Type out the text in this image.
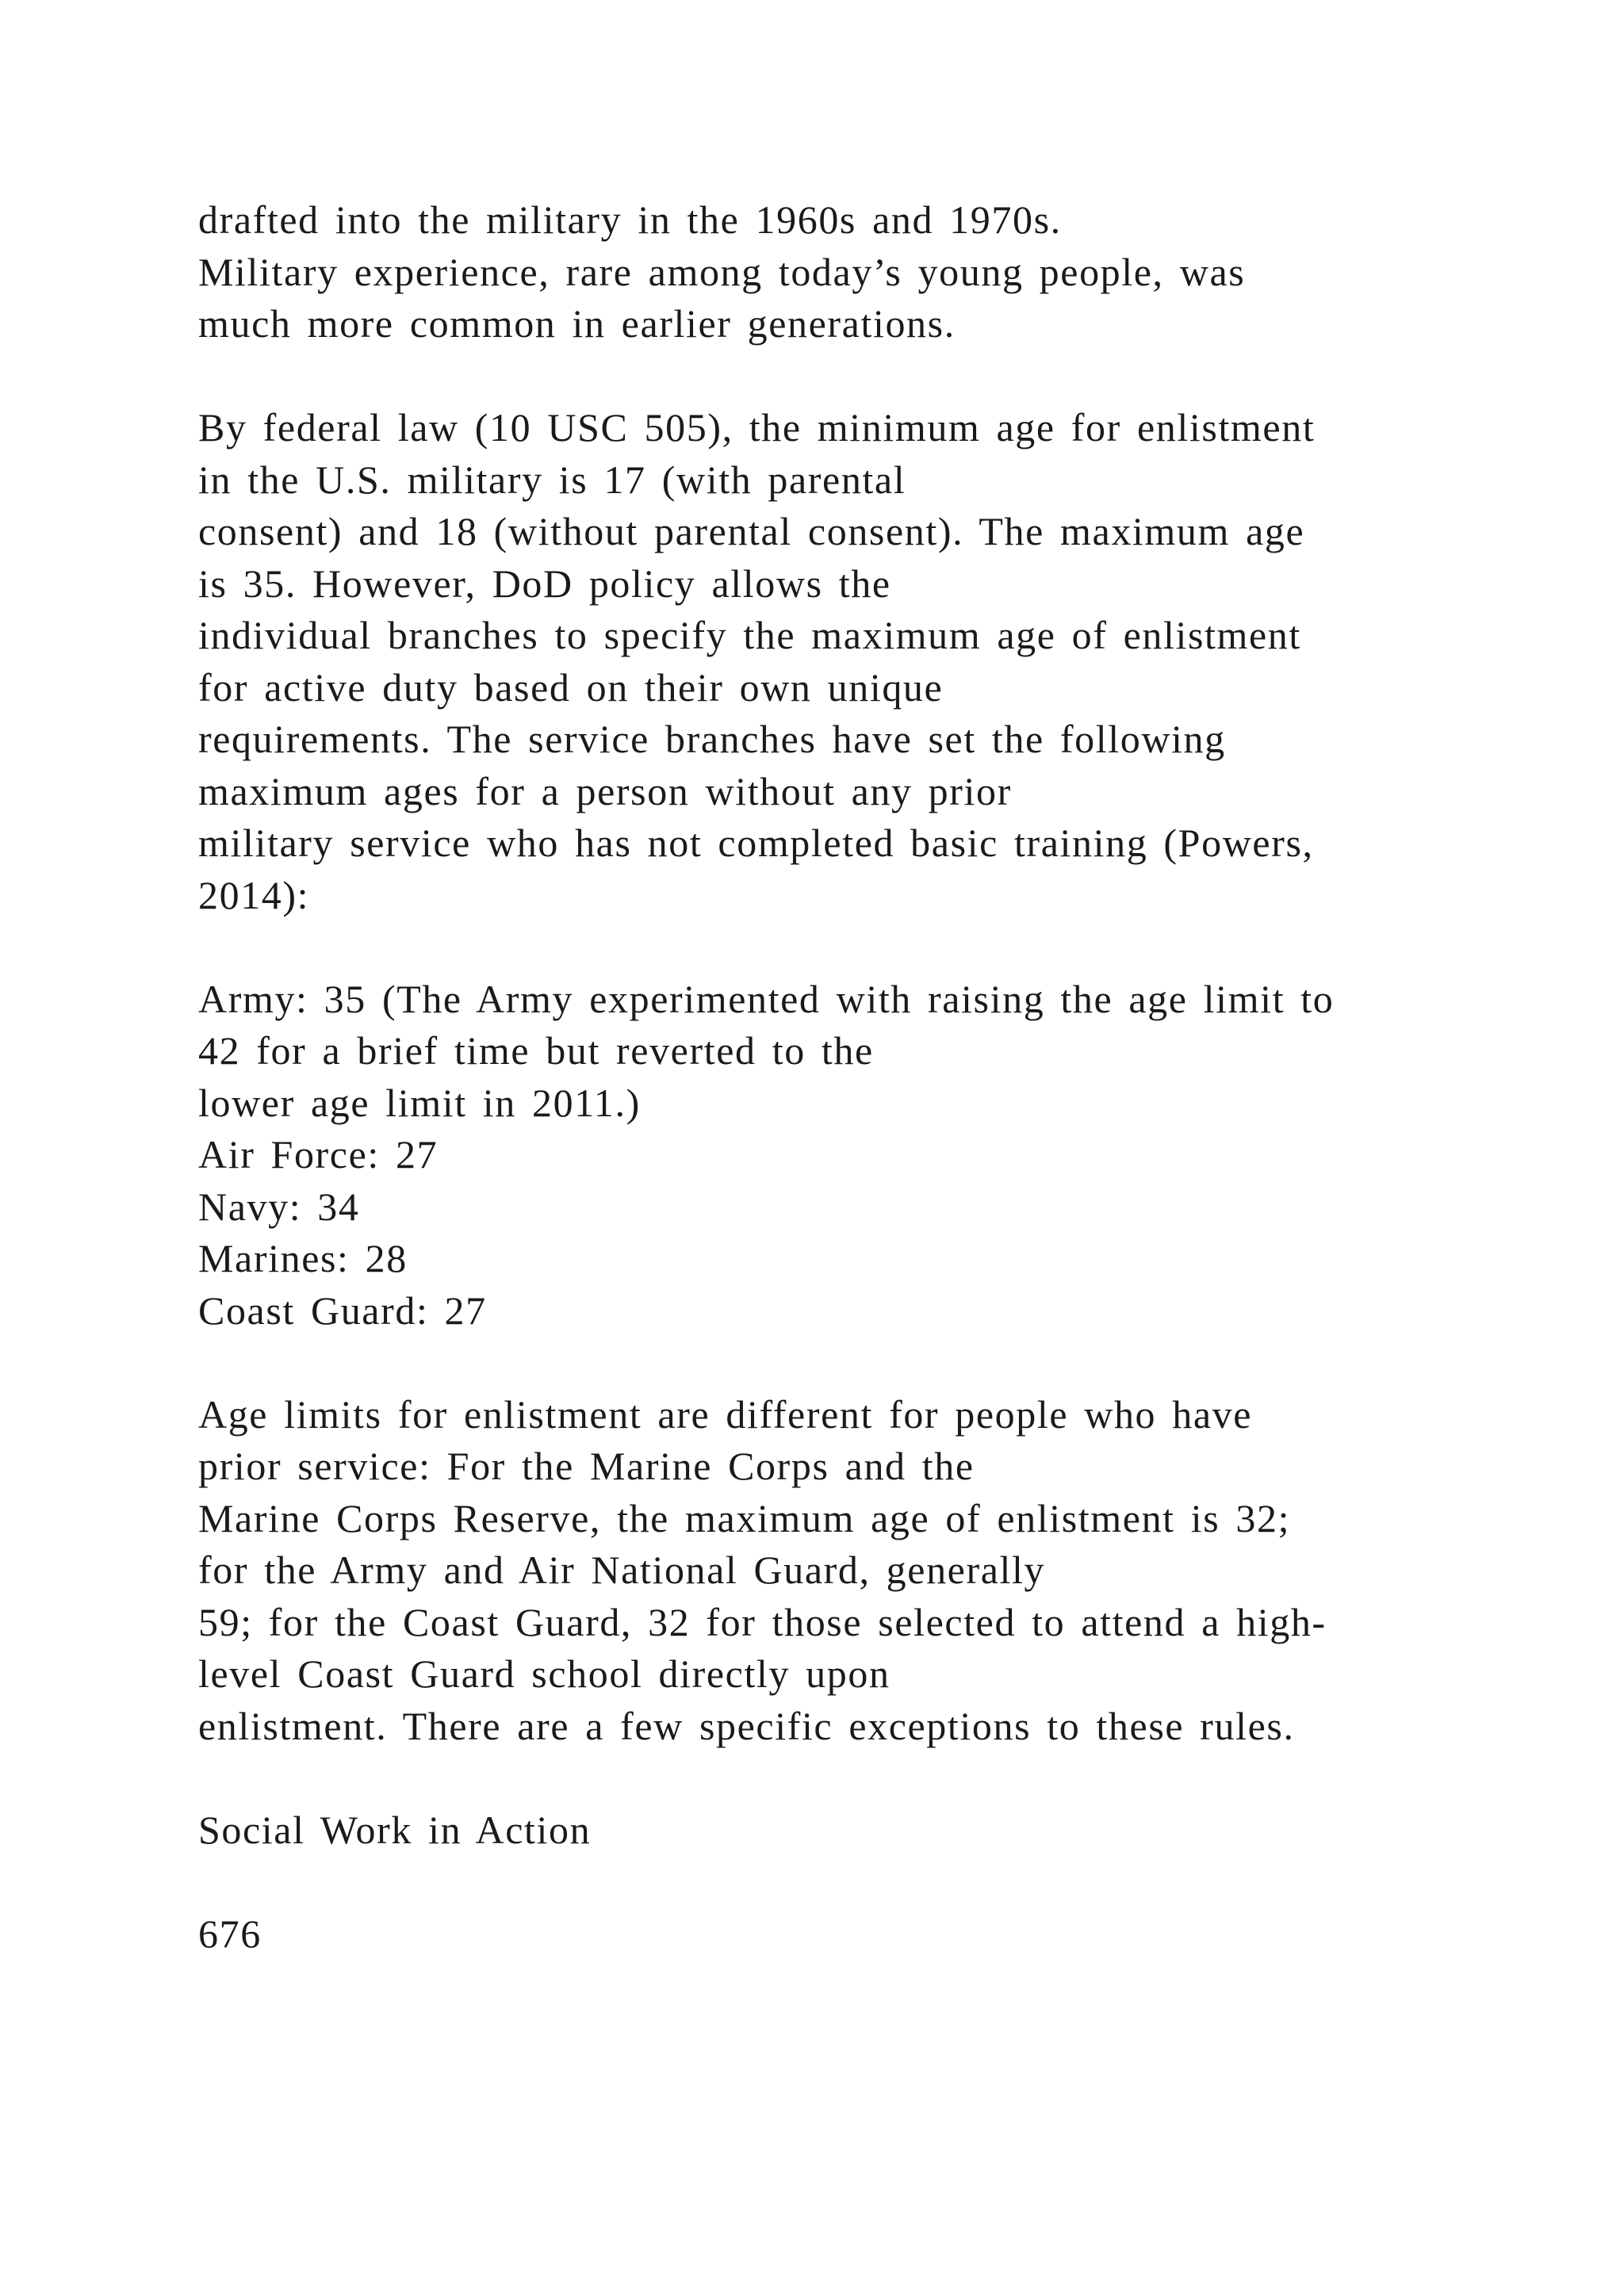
drafted into the military in the 1960s and 1970s.
Military experience, rare among today’s young people, was
much more common in earlier generations.
By federal law (10 USC 505), the minimum age for enlistment
in the U.S. military is 17 (with parental
consent) and 18 (without parental consent). The maximum age
is 35. However, DoD policy allows the
individual branches to specify the maximum age of enlistment
for active duty based on their own unique
requirements. The service branches have set the following
maximum ages for a person without any prior
military service who has not completed basic training (Powers,
2014):
Army: 35 (The Army experimented with raising the age limit to
42 for a brief time but reverted to the
lower age limit in 2011.)
Air Force: 27
Navy: 34
Marines: 28
Coast Guard: 27
Age limits for enlistment are different for people who have
prior service: For the Marine Corps and the
Marine Corps Reserve, the maximum age of enlistment is 32;
for the Army and Air National Guard, generally
59; for the Coast Guard, 32 for those selected to attend a high-
level Coast Guard school directly upon
enlistment. There are a few specific exceptions to these rules.
Social Work in Action
676
